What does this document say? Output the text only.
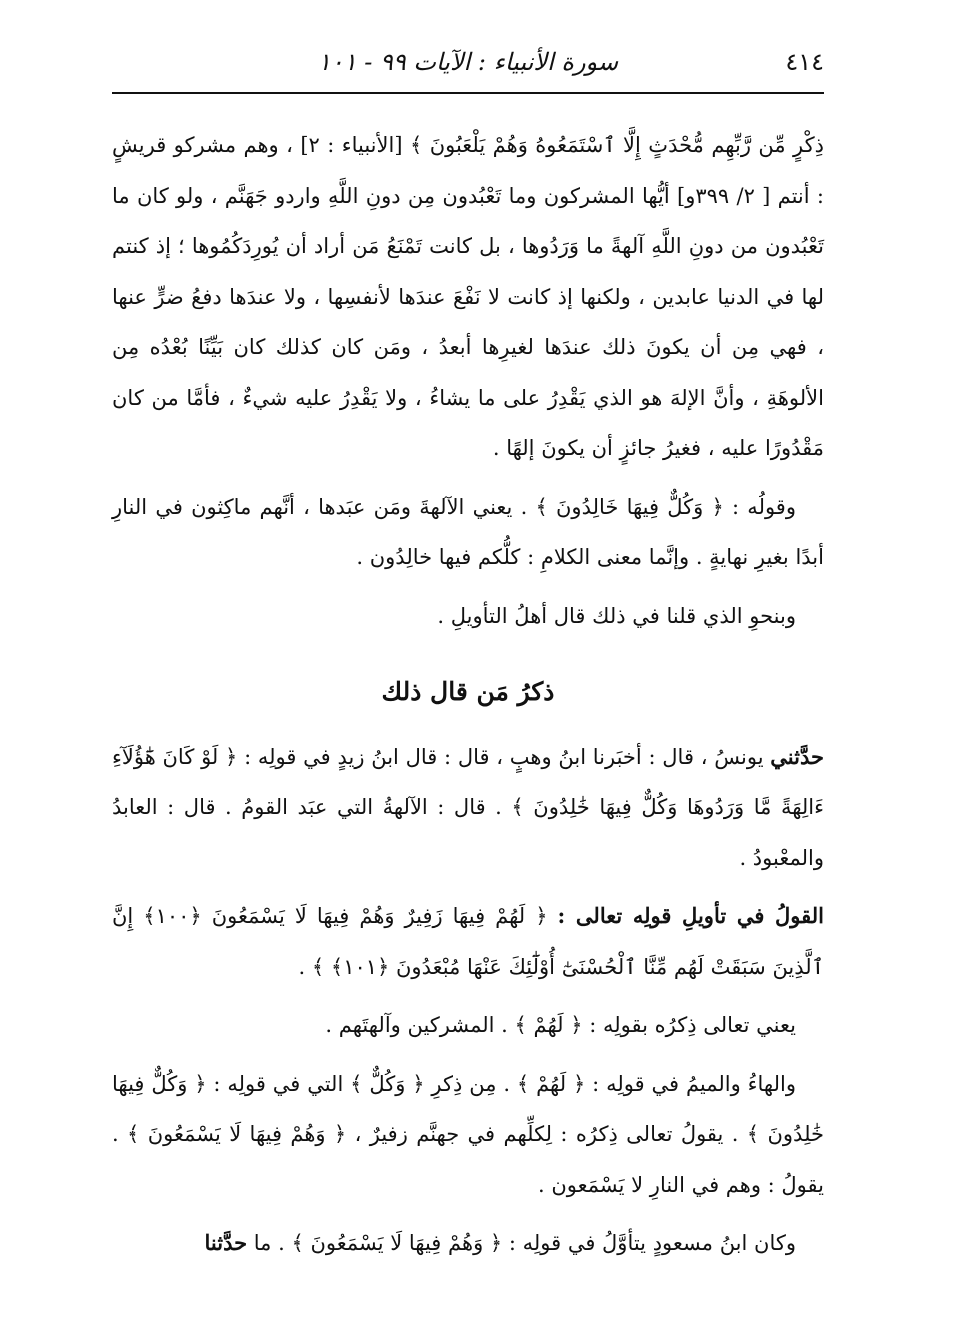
٤١٤
سورة الأنبياء : الآيات ٩٩ - ١٠١

ذِكْرٍ مِّن رَّبِّهِم مُّحْدَثٍ إِلَّا ٱسْتَمَعُوهُ وَهُمْ يَلْعَبُونَ ﴾ [الأنبياء : ٢] ، وهم مشركو قريشٍ : أنتم [ ٢/ ٣٩٩و] أيُّها المشركون وما تَعْبُدون مِن دونِ اللَّهِ واردو جَهَنَّم ، ولو كان ما تَعْبُدون من دونِ اللَّهِ آلهةً ما وَرَدُوها ، بل كانت تَمْنَعُ مَن أراد أن يُورِدَكُمُوها ؛ إذ كنتم لها في الدنيا عابدين ، ولكنها إذ كانت لا نَفْعَ عندَها لأنفسِها ، ولا عندَها دفعُ ضرٍّ عنها ، فهي مِن أن يكونَ ذلك عندَها لغيرِها أبعدُ ، ومَن كان كذلك كان بَيِّنًا بُعْدُه مِن الألوهَةِ ، وأنَّ الإلهَ هو الذي يَقْدِرُ على ما يشاءُ ، ولا يَقْدِرُ عليه شيءٌ ، فأمَّا من كان مَقْدُورًا عليه ، فغيرُ جائزٍ أن يكونَ إلهًا .

وقولُه : ﴿ وَكُلٌّ فِيهَا خَالِدُونَ ﴾ . يعني الآلهةَ ومَن عبَدها ، أنَّهم ماكِثون في النارِ أبدًا بغيرِ نهايةٍ . وإنَّما معنى الكلامِ : كلُّكم فيها خالِدُون .

وبنحوِ الذي قلنا في ذلك قال أهلُ التأويلِ .

ذكرُ مَن قال ذلك

حدَّثني يونسُ ، قال : أخبَرنا ابنُ وهبٍ ، قال : قال ابنُ زيدٍ في قولِه : ﴿ لَوْ كَانَ هَٰٓؤُلَآءِ ءَالِهَةً مَّا وَرَدُوهَا وَكُلٌّ فِيهَا خَٰلِدُونَ ﴾ . قال : الآلهةُ التي عبَد القومُ . قال : العابدُ والمعْبودُ .

القولُ في تأويلِ قولِه تعالى : ﴿ لَهُمْ فِيهَا زَفِيرٌ وَهُمْ فِيهَا لَا يَسْمَعُونَ ﴿١٠٠﴾ إِنَّ ٱلَّذِينَ سَبَقَتْ لَهُم مِّنَّا ٱلْحُسْنَىٰٓ أُوْلَٰٓئِكَ عَنْهَا مُبْعَدُونَ ﴿١٠١﴾ ﴾ .

يعني تعالى ذِكرُه بقولِه : ﴿ لَهُمْ ﴾ . المشركين وآلهتَهم .

والهاءُ والميمُ في قولِه : ﴿ لَهُمْ ﴾ . مِن ذِكرِ ﴿ وَكُلٌّ ﴾ التي في قولِه : ﴿ وَكُلٌّ فِيهَا خَٰلِدُونَ ﴾ . يقولُ تعالى ذِكرُه : لِكلِّهم في جهنَّم زفيرٌ ، ﴿ وَهُمْ فِيهَا لَا يَسْمَعُونَ ﴾ . يقولُ : وهم في النارِ لا يَسْمَعون .

وكان ابنُ مسعودٍ يتأوَّلُ في قولِه : ﴿ وَهُمْ فِيهَا لَا يَسْمَعُونَ ﴾ . ما حدَّثنا
